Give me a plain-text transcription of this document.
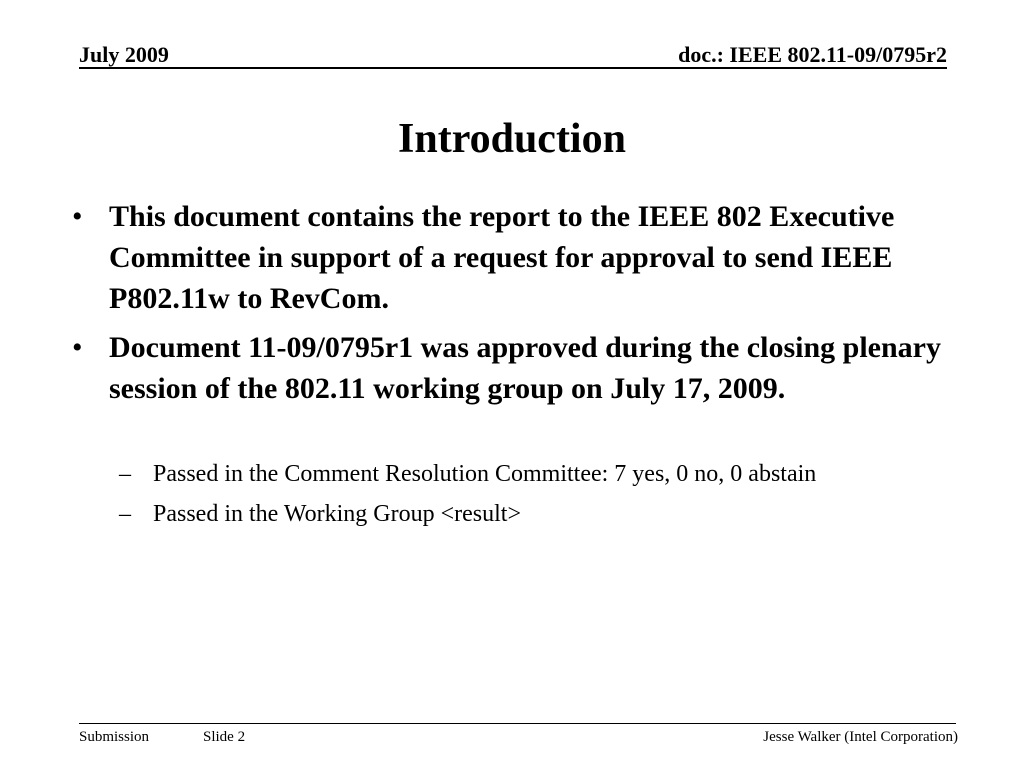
July 2009	doc.: IEEE 802.11-09/0795r2
Introduction
• This document contains the report to the IEEE 802 Executive Committee in support of a request for approval to send IEEE P802.11w to RevCom.
• Document 11-09/0795r1 was approved during the closing plenary session of the 802.11 working group on July 17, 2009.
– Passed in the Comment Resolution Committee: 7 yes, 0 no, 0 abstain
– Passed in the Working Group <result>
Submission	Slide 2	Jesse Walker (Intel Corporation)
